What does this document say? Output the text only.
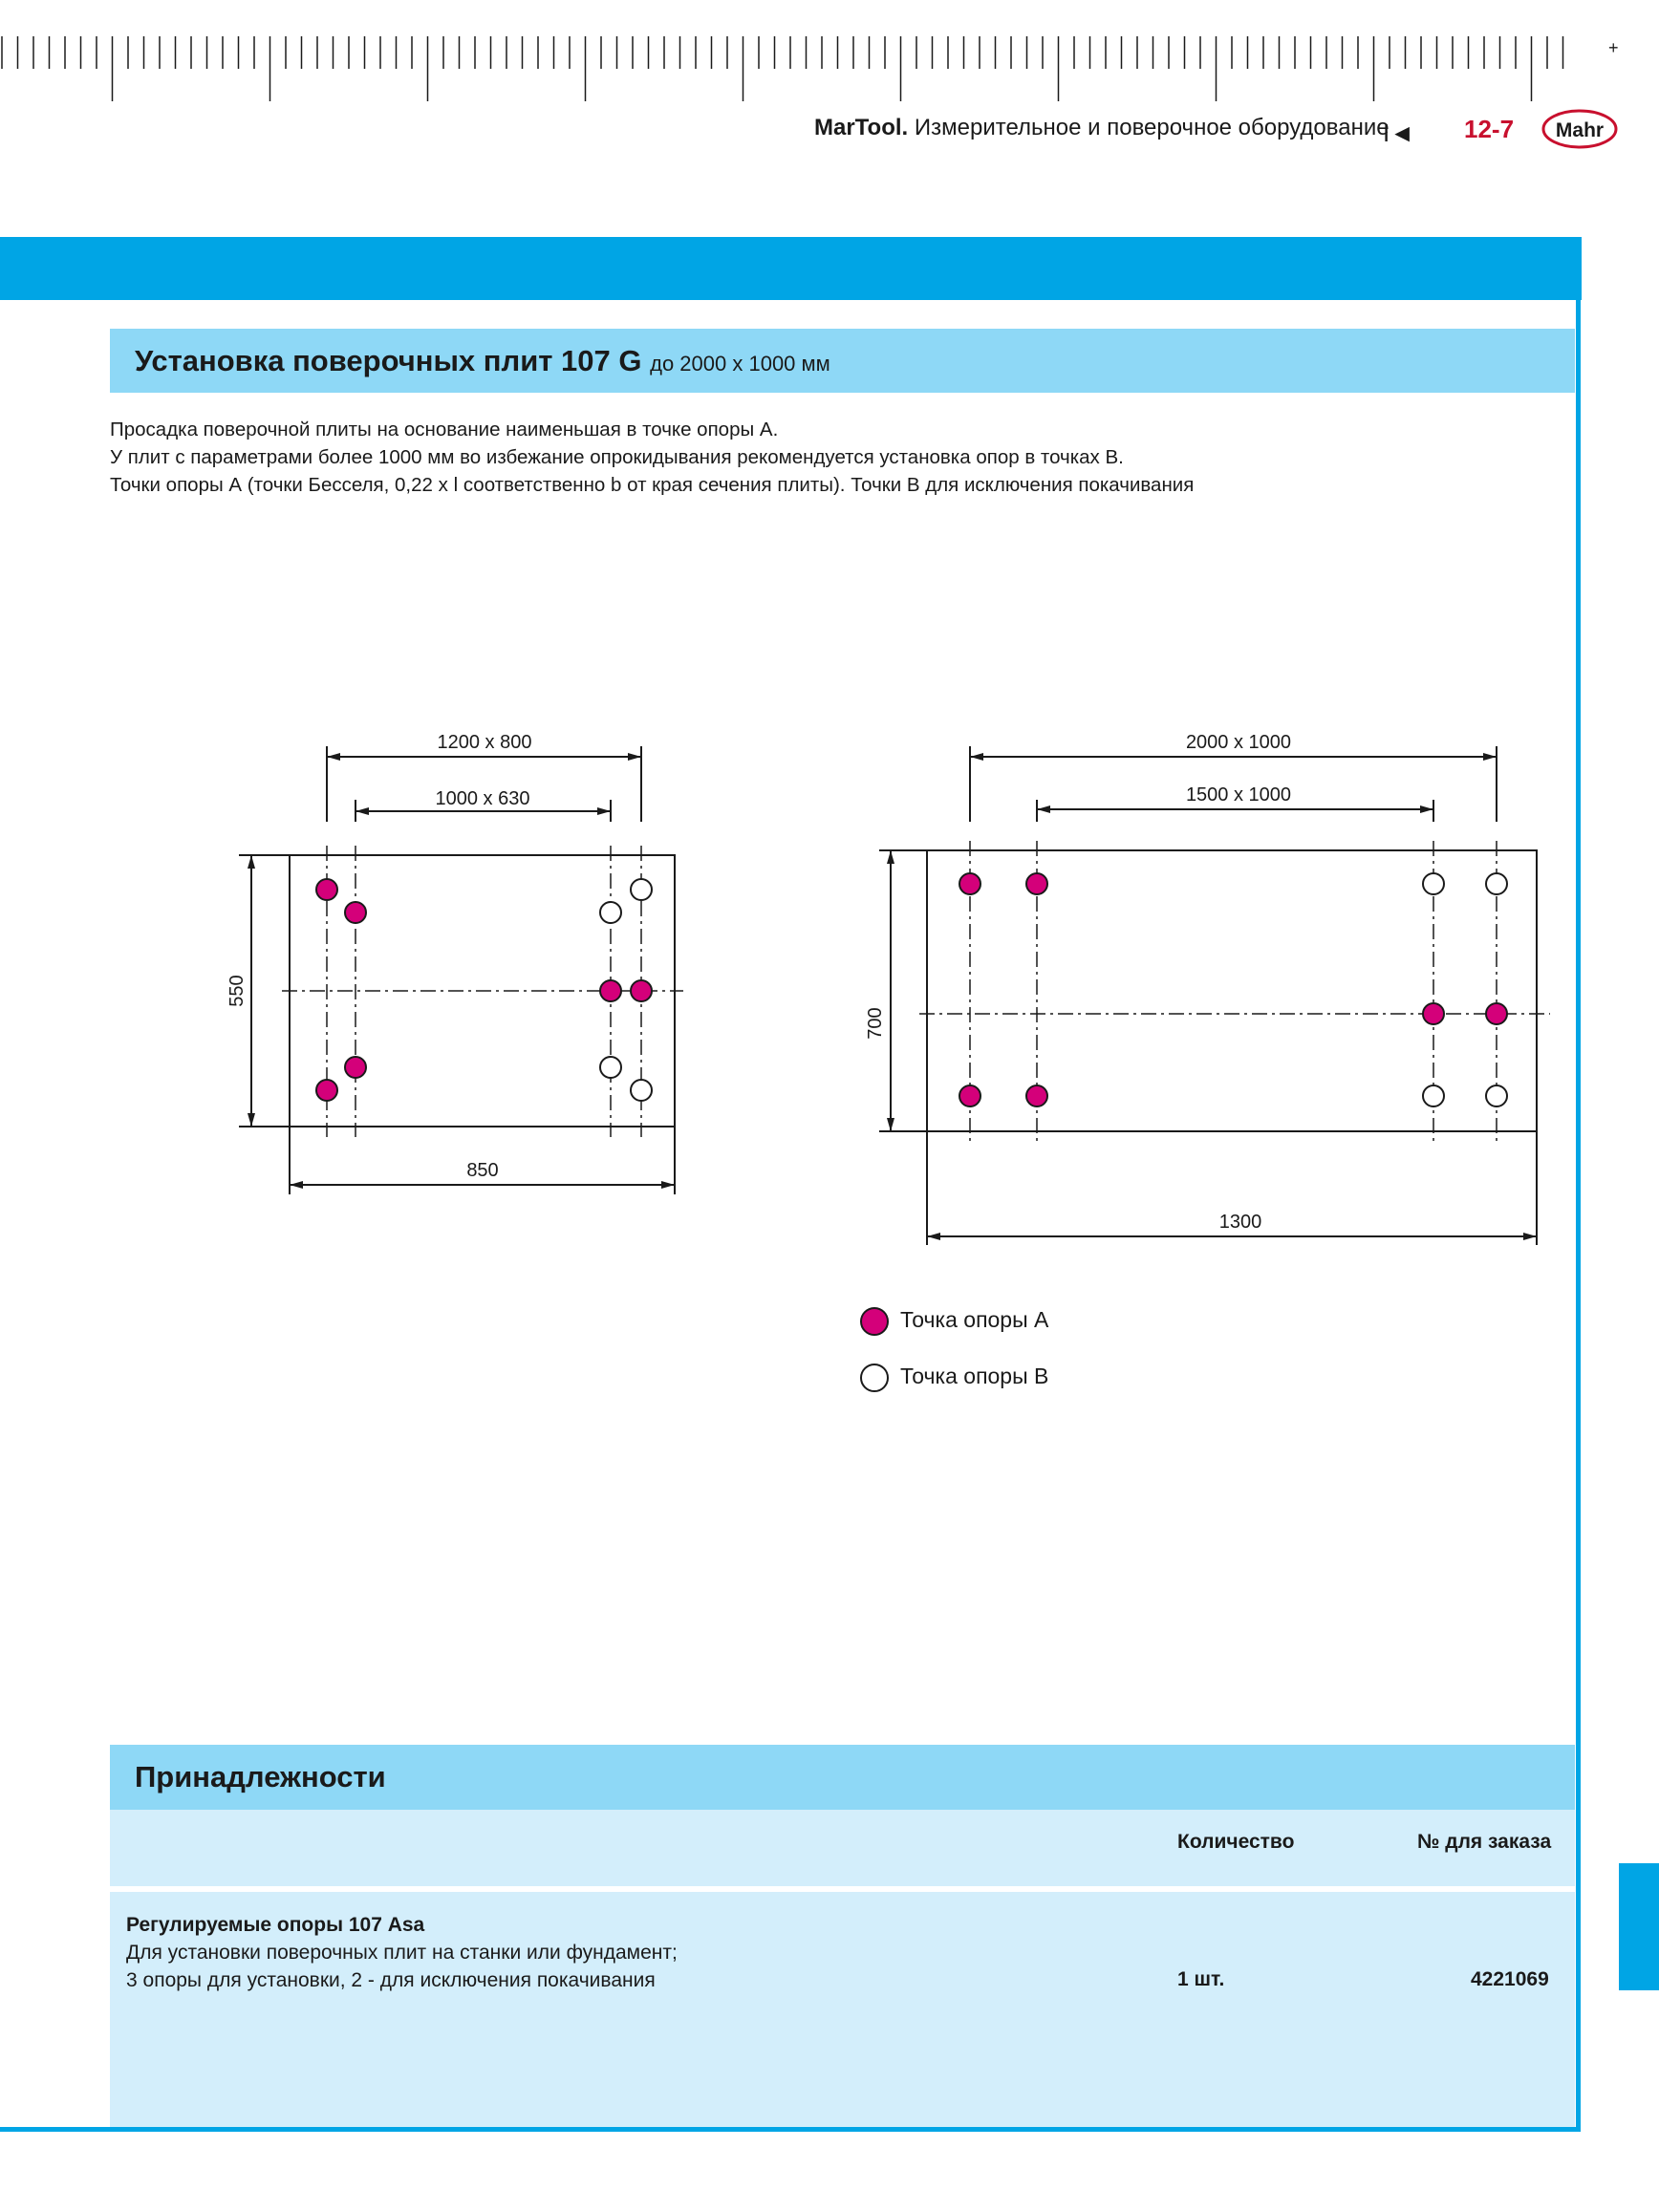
+
MarTool. Измерительное и поверочное оборудование
I◄ 12-7 Mahr
Установка поверочных плит 107 G до 2000 х 1000 мм
Просадка поверочной плиты на основание наименьшая в точке опоры А.
У плит с параметрами более 1000 мм во избежание опрокидывания рекомендуется установка опор в точках В.
Точки опоры А (точки Бесселя, 0,22 х l соответственно b от края сечения плиты). Точки В для исключения покачивания
1200 x 800
1000 x 630
550
850
2000 x 1000
1500 x 1000
700
1300
Точка опоры А
Точка опоры В
Принадлежности
Количество	№ для заказа
Регулируемые опоры 107 Asa
Для установки поверочных плит на станки или фундамент;
3 опоры для установки, 2 - для исключения покачивания	1 шт.	4221069
